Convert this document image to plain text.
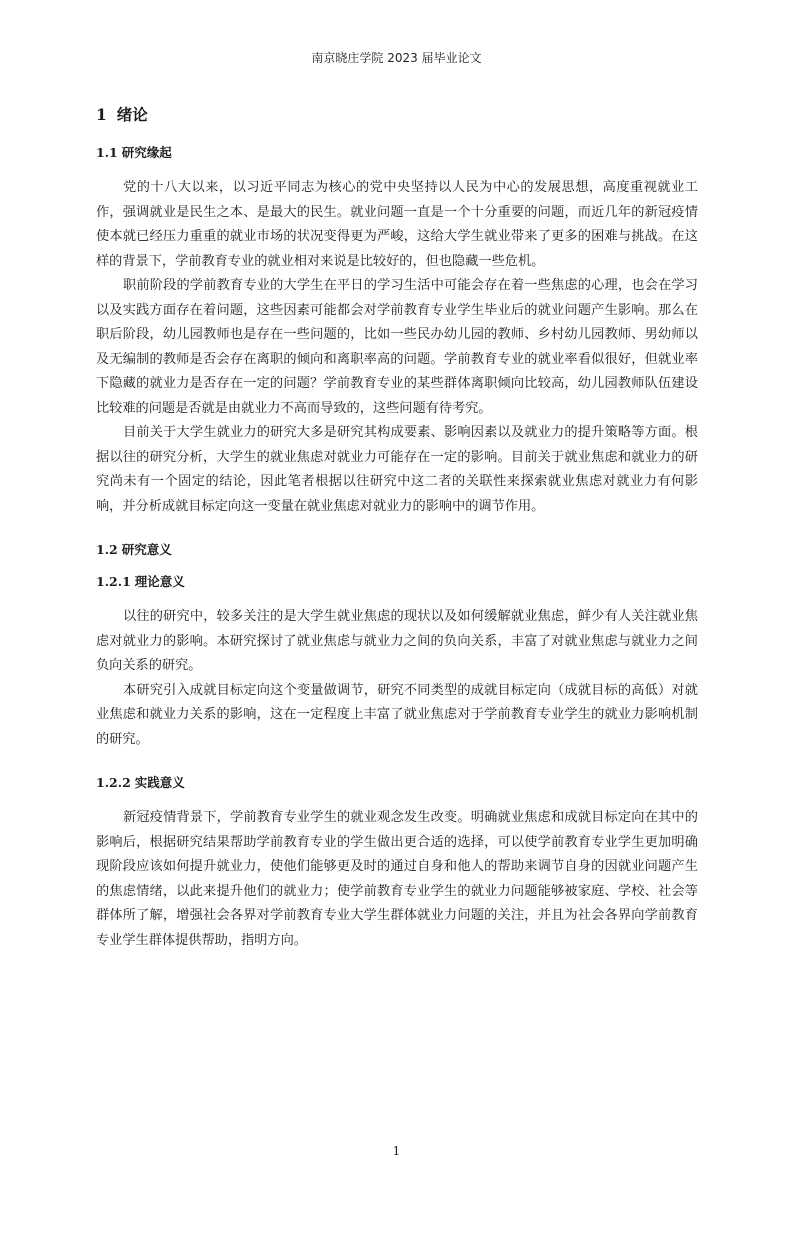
南京晓庄学院 2023 届毕业论文
1 绪论
1.1 研究缘起

党的十八大以来，以习近平同志为核心的党中央坚持以人民为中心的发展思想，高度重视就业工作，强调就业是民生之本、是最大的民生。就业问题一直是一个十分重要的问题，而近几年的新冠疫情使本就已经压力重重的就业市场的状况变得更为严峻，这给大学生就业带来了更多的困难与挑战。在这样的背景下，学前教育专业的就业相对来说是比较好的，但也隐藏一些危机。

职前阶段的学前教育专业的大学生在平日的学习生活中可能会存在着一些焦虑的心理，也会在学习以及实践方面存在着问题，这些因素可能都会对学前教育专业学生毕业后的就业问题产生影响。那么在职后阶段，幼儿园教师也是存在一些问题的，比如一些民办幼儿园的教师、乡村幼儿园教师、男幼师以及无编制的教师是否会存在离职的倾向和离职率高的问题。学前教育专业的就业率看似很好，但就业率下隐藏的就业力是否存在一定的问题？学前教育专业的某些群体离职倾向比较高，幼儿园教师队伍建设比较难的问题是否就是由就业力不高而导致的，这些问题有待考究。

目前关于大学生就业力的研究大多是研究其构成要素、影响因素以及就业力的提升策略等方面。根据以往的研究分析，大学生的就业焦虑对就业力可能存在一定的影响。目前关于就业焦虑和就业力的研究尚未有一个固定的结论，因此笔者根据以往研究中这二者的关联性来探索就业焦虑对就业力有何影响，并分析成就目标定向这一变量在就业焦虑对就业力的影响中的调节作用。

1.2 研究意义
1.2.1 理论意义

以往的研究中，较多关注的是大学生就业焦虑的现状以及如何缓解就业焦虑，鲜少有人关注就业焦虑对就业力的影响。本研究探讨了就业焦虑与就业力之间的负向关系，丰富了对就业焦虑与就业力之间负向关系的研究。

本研究引入成就目标定向这个变量做调节，研究不同类型的成就目标定向（成就目标的高低）对就业焦虑和就业力关系的影响，这在一定程度上丰富了就业焦虑对于学前教育专业学生的就业力影响机制的研究。

1.2.2 实践意义

新冠疫情背景下，学前教育专业学生的就业观念发生改变。明确就业焦虑和成就目标定向在其中的影响后，根据研究结果帮助学前教育专业的学生做出更合适的选择，可以使学前教育专业学生更加明确现阶段应该如何提升就业力，使他们能够更及时的通过自身和他人的帮助来调节自身的因就业问题产生的焦虑情绪，以此来提升他们的就业力；使学前教育专业学生的就业力问题能够被家庭、学校、社会等群体所了解，增强社会各界对学前教育专业大学生群体就业力问题的关注，并且为社会各界向学前教育专业学生群体提供帮助，指明方向。

1
